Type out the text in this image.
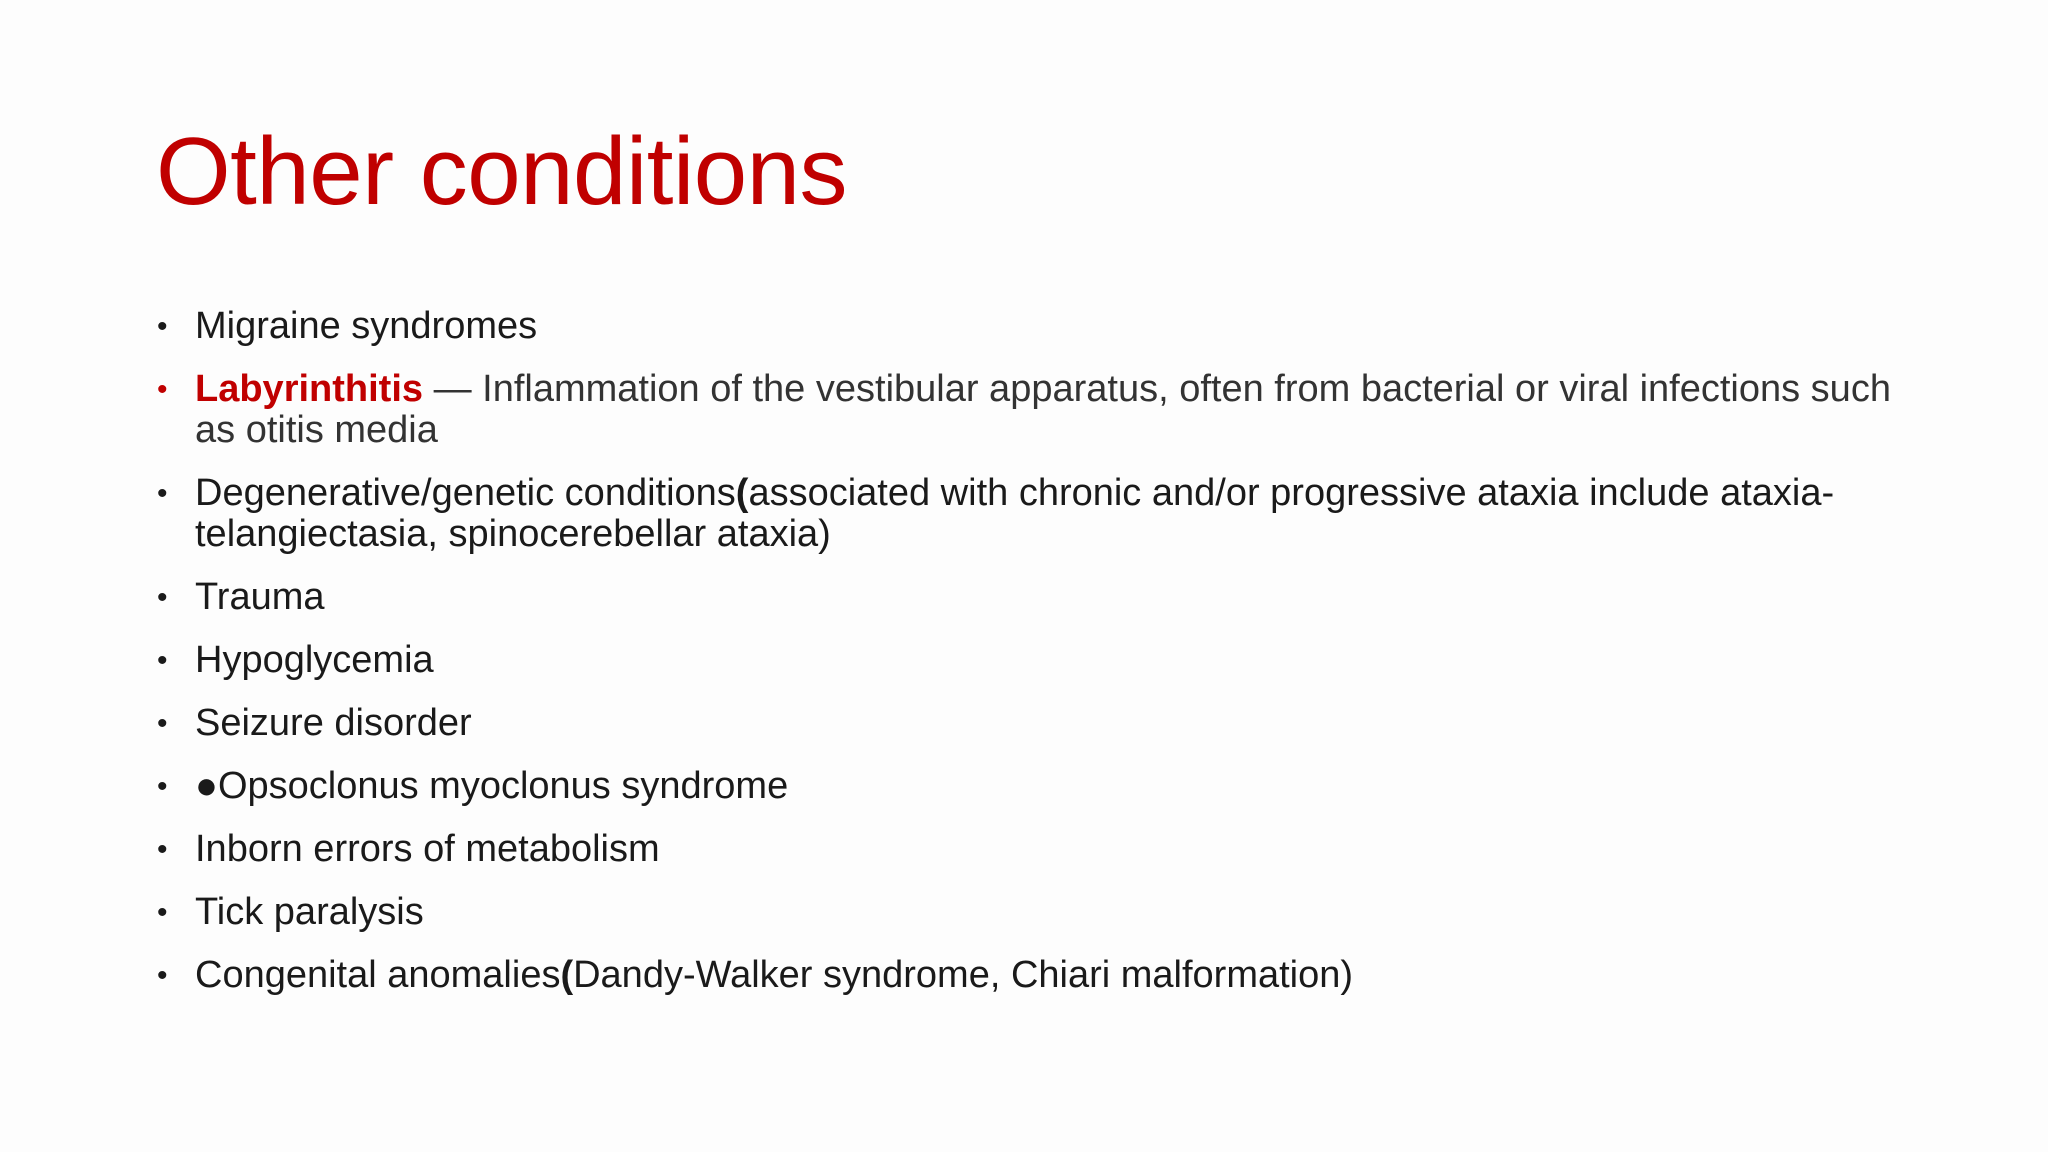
Other conditions
• Migraine syndromes
• Labyrinthitis — Inflammation of the vestibular apparatus, often from bacterial or viral infections such as otitis media
• Degenerative/genetic conditions(associated with chronic and/or progressive ataxia include ataxia-telangiectasia, spinocerebellar ataxia)
• Trauma
• Hypoglycemia
• Seizure disorder
• ●Opsoclonus myoclonus syndrome
• Inborn errors of metabolism
• Tick paralysis
• Congenital anomalies(Dandy-Walker syndrome, Chiari malformation)
